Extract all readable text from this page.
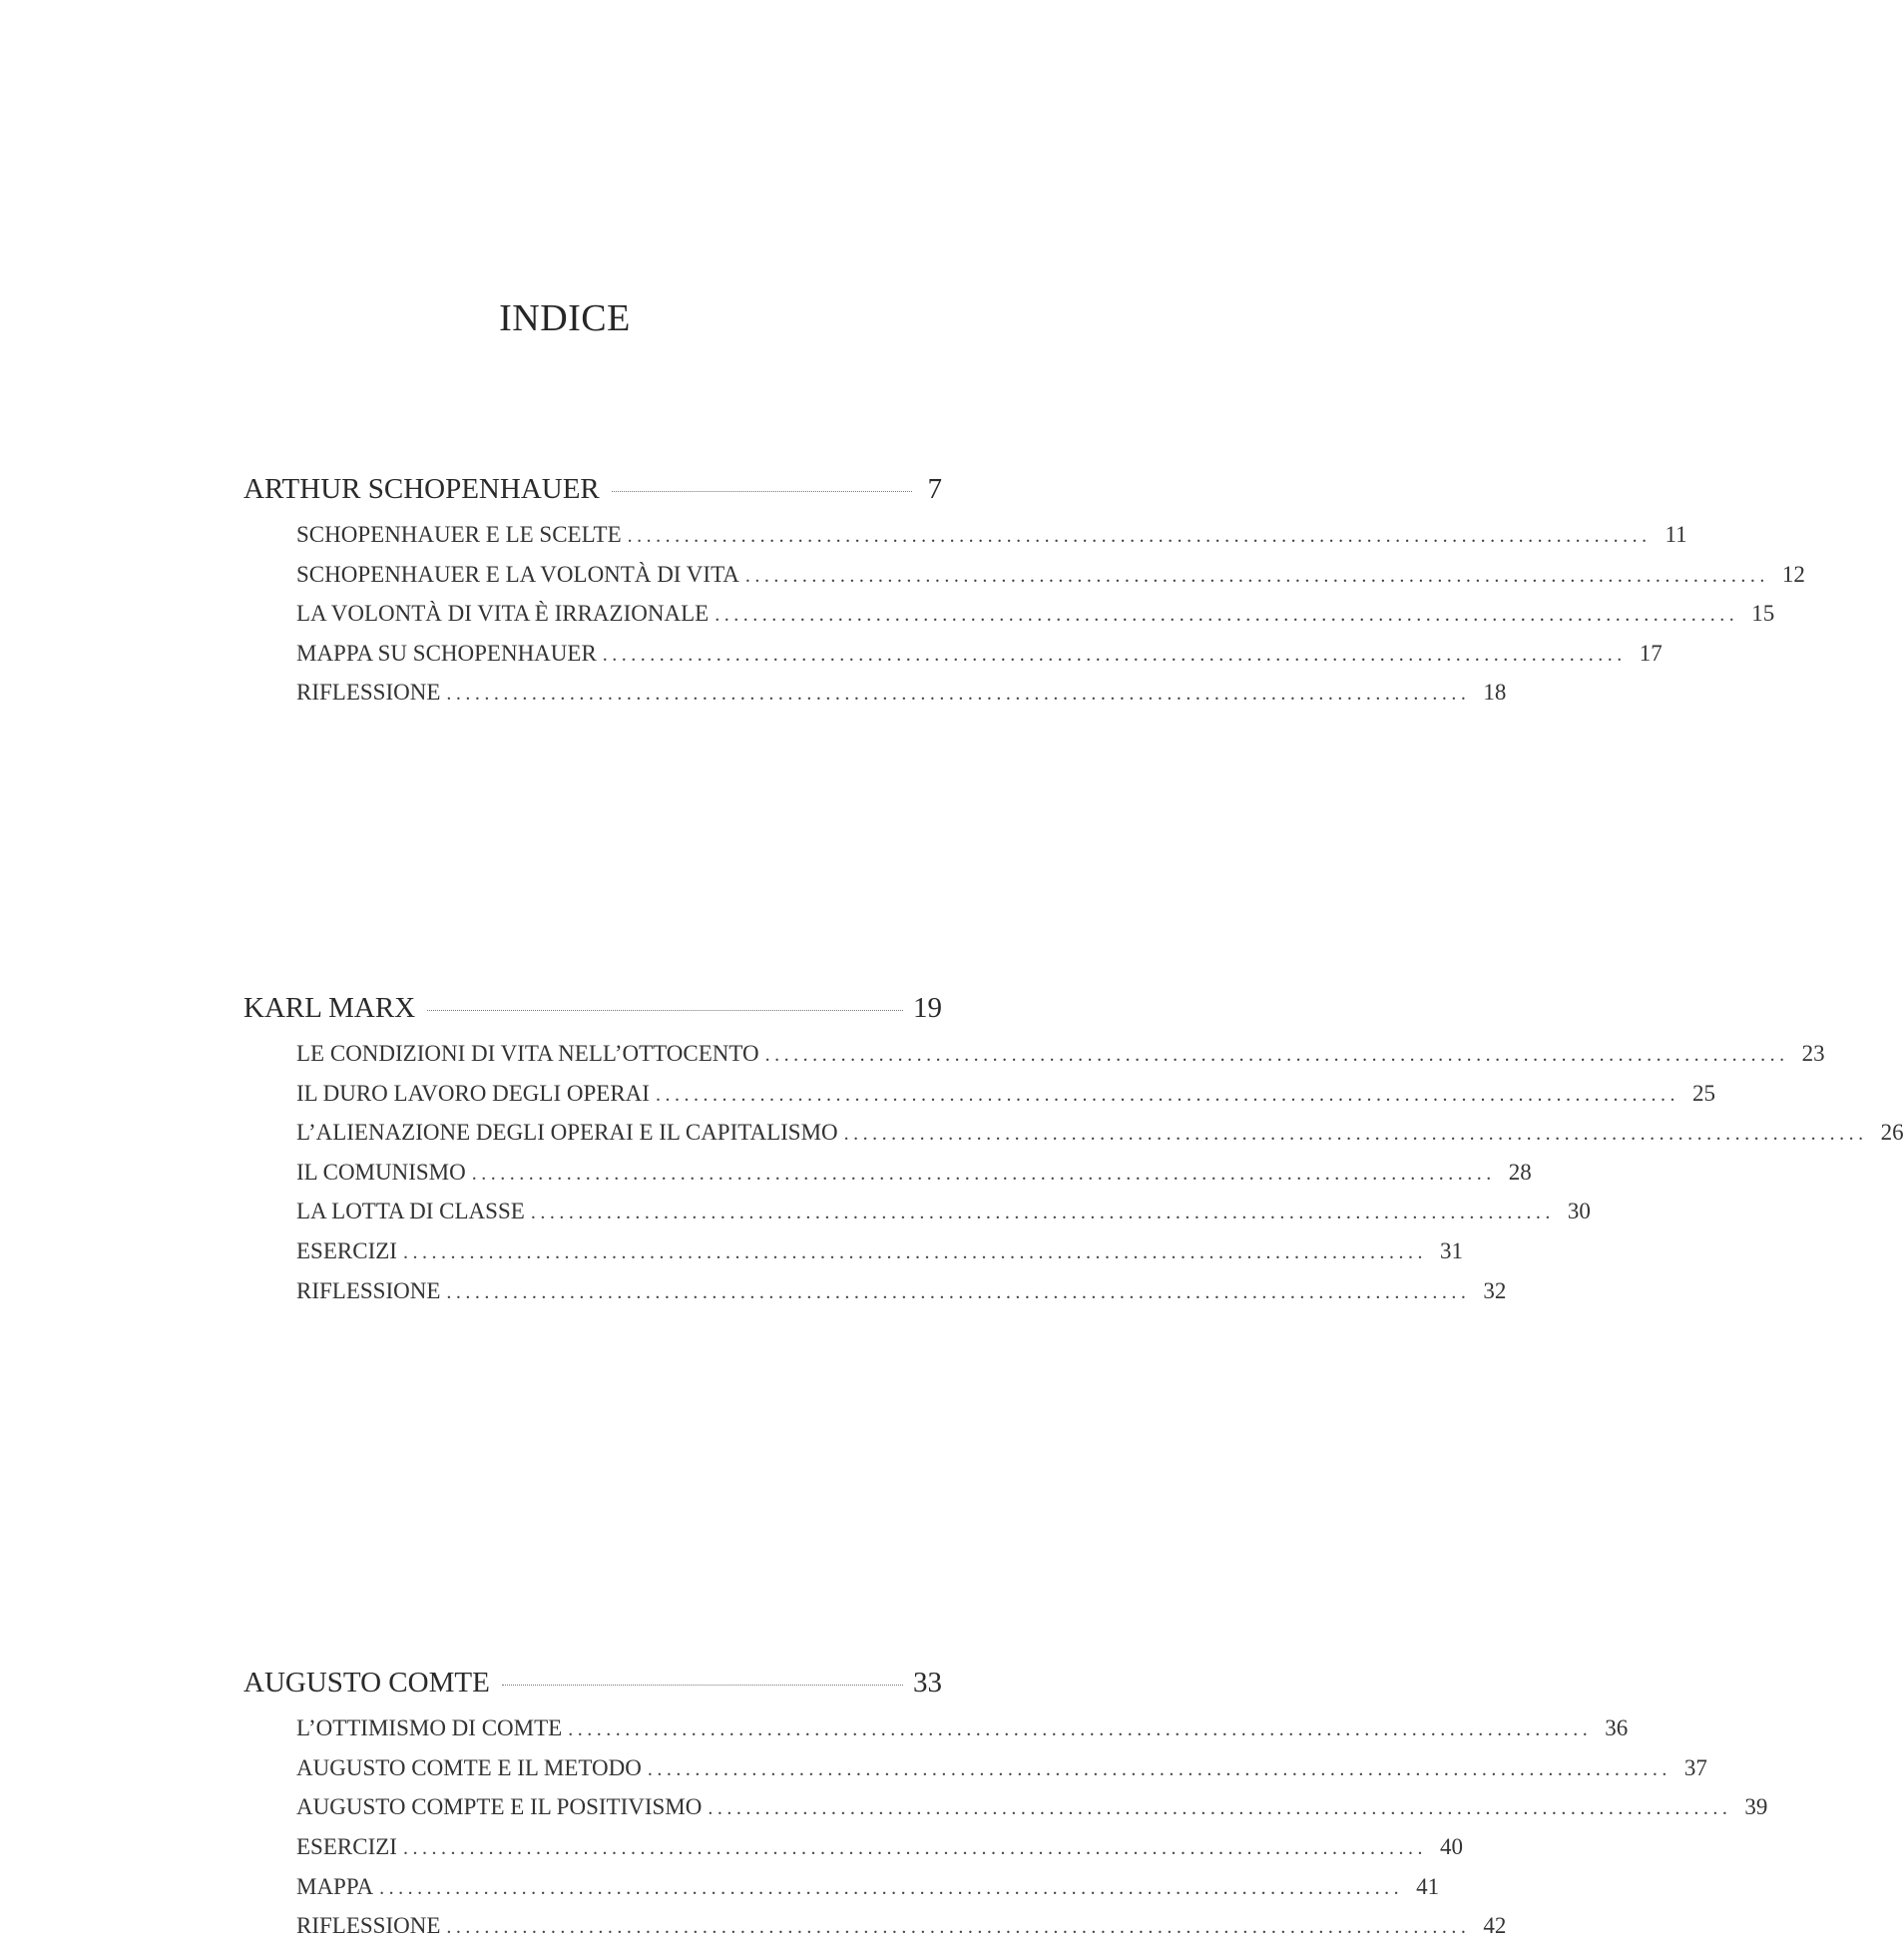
INDICE
ARTHUR SCHOPENHAUER	7
SCHOPENHAUER E LE SCELTE ............................................................................................................ 11
SCHOPENHAUER E LA VOLONTÀ DI VITA ............................................................................................................ 12
LA VOLONTÀ DI VITA È IRRAZIONALE ............................................................................................................ 15
MAPPA SU SCHOPENHAUER ............................................................................................................ 17
RIFLESSIONE ............................................................................................................ 18
KARL MARX	19
LE CONDIZIONI DI VITA NELL’OTTOCENTO ............................................................................................................ 23
IL DURO LAVORO DEGLI OPERAI ............................................................................................................ 25
L’ALIENAZIONE DEGLI OPERAI E IL CAPITALISMO ............................................................................................................ 26
IL COMUNISMO ............................................................................................................ 28
LA LOTTA DI CLASSE ............................................................................................................ 30
ESERCIZI ............................................................................................................ 31
RIFLESSIONE ............................................................................................................ 32
AUGUSTO COMTE	33
L’OTTIMISMO DI COMTE ............................................................................................................ 36
AUGUSTO COMTE E IL METODO ............................................................................................................ 37
AUGUSTO COMPTE E IL POSITIVISMO ............................................................................................................ 39
ESERCIZI ............................................................................................................ 40
MAPPA ............................................................................................................ 41
RIFLESSIONE ............................................................................................................ 42
